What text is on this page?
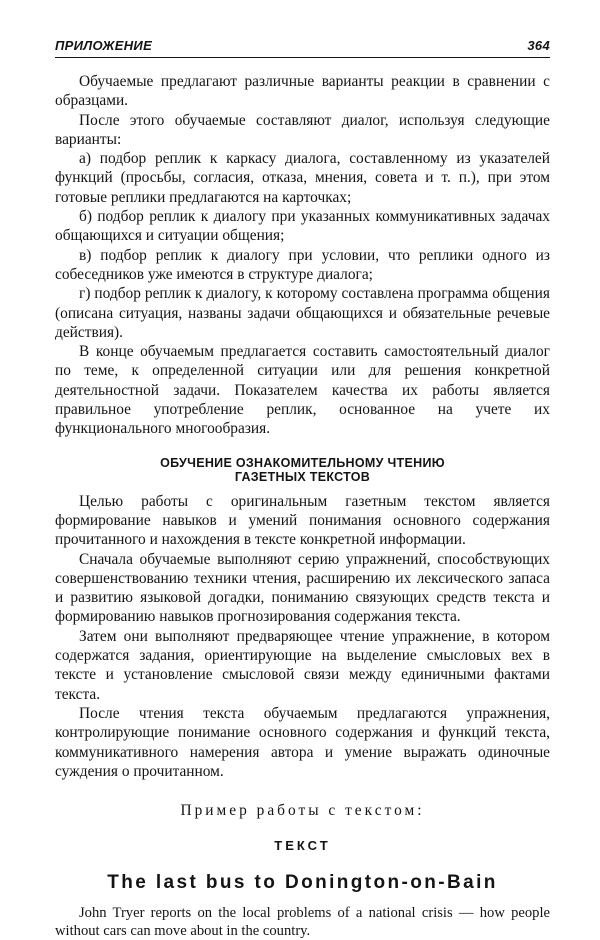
ПРИЛОЖЕНИЕ	364

Обучаемые предлагают различные варианты реакции в сравнении с образцами.

После этого обучаемые составляют диалог, используя следующие варианты:

а) подбор реплик к каркасу диалога, составленному из указателей функций (просьбы, согласия, отказа, мнения, совета и т. п.), при этом готовые реплики предлагаются на карточках;

б) подбор реплик к диалогу при указанных коммуникативных задачах общающихся и ситуации общения;

в) подбор реплик к диалогу при условии, что реплики одного из собеседников уже имеются в структуре диалога;

г) подбор реплик к диалогу, к которому составлена программа общения (описана ситуация, названы задачи общающихся и обязательные речевые действия).

В конце обучаемым предлагается составить самостоятельный диалог по теме, к определенной ситуации или для решения конкретной деятельностной задачи. Показателем качества их работы является правильное употребление реплик, основанное на учете их функционального многообразия.

ОБУЧЕНИЕ ОЗНАКОМИТЕЛЬНОМУ ЧТЕНИЮ
ГАЗЕТНЫХ ТЕКСТОВ

Целью работы с оригинальным газетным текстом является формирование навыков и умений понимания основного содержания прочитанного и нахождения в тексте конкретной информации.

Сначала обучаемые выполняют серию упражнений, способствующих совершенствованию техники чтения, расширению их лексического запаса и развитию языковой догадки, пониманию связующих средств текста и формированию навыков прогнозирования содержания текста.

Затем они выполняют предваряющее чтение упражнение, в котором содержатся задания, ориентирующие на выделение смысловых вех в тексте и установление смысловой связи между единичными фактами текста.

После чтения текста обучаемым предлагаются упражнения, контролирующие понимание основного содержания и функций текста, коммуникативного намерения автора и умение выражать одиночные суждения о прочитанном.

Пример работы с текстом:
ТЕКСТ
The last bus to Donington-on-Bain

John Tryer reports on the local problems of a national crisis — how people without cars can move about in the country.
